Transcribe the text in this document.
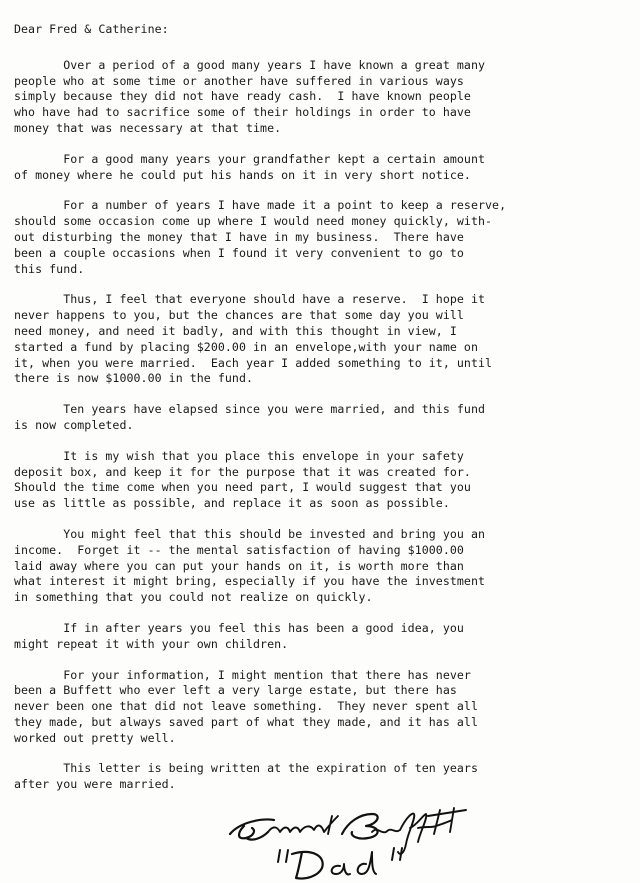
Dear Fred & Catherine:
Over a period of a good many years I have known a great many
people who at some time or another have suffered in various ways
simply because they did not have ready cash.  I have known people
who have had to sacrifice some of their holdings in order to have
money that was necessary at that time.
For a good many years your grandfather kept a certain amount
of money where he could put his hands on it in very short notice.
For a number of years I have made it a point to keep a reserve,
should some occasion come up where I would need money quickly, with-
out disturbing the money that I have in my business.  There have
been a couple occasions when I found it very convenient to go to
this fund.
Thus, I feel that everyone should have a reserve.  I hope it
never happens to you, but the chances are that some day you will
need money, and need it badly, and with this thought in view, I
started a fund by placing $200.00 in an envelope,with your name on
it, when you were married.  Each year I added something to it, until
there is now $1000.00 in the fund.
Ten years have elapsed since you were married, and this fund
is now completed.
It is my wish that you place this envelope in your safety
deposit box, and keep it for the purpose that it was created for.
Should the time come when you need part, I would suggest that you
use as little as possible, and replace it as soon as possible.
You might feel that this should be invested and bring you an
income.  Forget it -- the mental satisfaction of having $1000.00
laid away where you can put your hands on it, is worth more than
what interest it might bring, especially if you have the investment
in something that you could not realize on quickly.
If in after years you feel this has been a good idea, you
might repeat it with your own children.
For your information, I might mention that there has never
been a Buffett who ever left a very large estate, but there has
never been one that did not leave something.  They never spent all
they made, but always saved part of what they made, and it has all
worked out pretty well.
This letter is being written at the expiration of ten years
after you were married.
